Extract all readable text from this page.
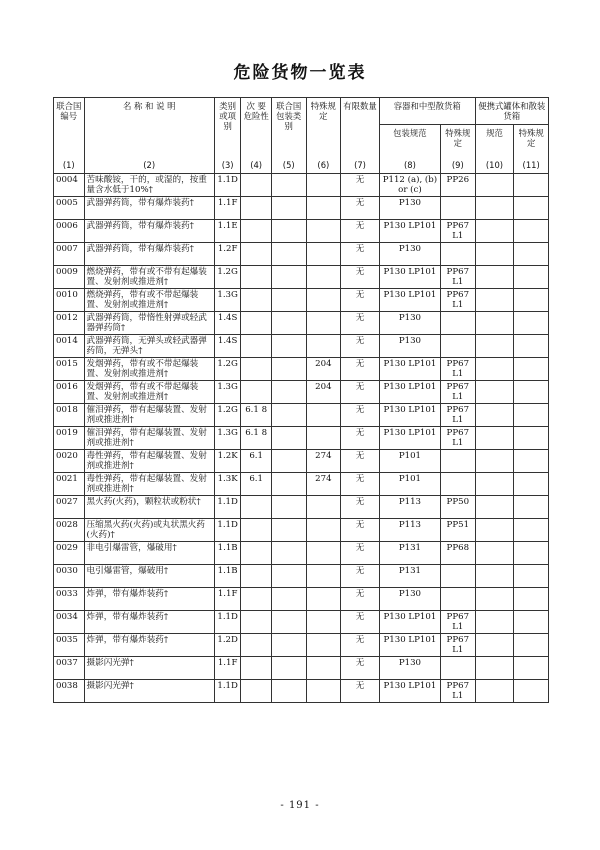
危险货物一览表
联合国编号	名 称 和 说 明	类别或项别	次 要危险性	联合国包装类别	特殊规定	有限数量	容器和中型散货箱		便携式罐体和散装货箱	
							包装规范	特殊规定	规范	特殊规定
(1)	(2)	(3)	(4)	(5)	(6)	(7)	(8)	(9)	(10)	(11)
0004	苦味酸铵，干的，或湿的，按重量含水低于10%†	1.1D				无	P112 (a), (b) or (c)	PP26		
0005	武器弹药筒，带有爆炸装药†	1.1F				无	P130			
0006	武器弹药筒，带有爆炸装药†	1.1E				无	P130 LP101	PP67 L1		
0007	武器弹药筒，带有爆炸装药†	1.2F				无	P130			
0009	燃烧弹药，带有或不带有起爆装置、发射剂或推进剂†	1.2G				无	P130 LP101	PP67 L1		
0010	燃烧弹药，带有或不带起爆装置、发射剂或推进剂†	1.3G				无	P130 LP101	PP67 L1		
0012	武器弹药筒，带惰性射弹或轻武器弹药筒†	1.4S				无	P130			
0014	武器弹药筒，无弹头或轻武器弹药筒，无弹头†	1.4S				无	P130			
0015	发烟弹药，带有或不带起爆装置、发射剂或推进剂†	1.2G			204	无	P130 LP101	PP67 L1		
0016	发烟弹药，带有或不带起爆装置、发射剂或推进剂†	1.3G			204	无	P130 LP101	PP67 L1		
0018	催泪弹药，带有起爆装置、发射剂或推进剂†	1.2G	6.1 8			无	P130 LP101	PP67 L1		
0019	催泪弹药，带有起爆装置、发射剂或推进剂†	1.3G	6.1 8			无	P130 LP101	PP67 L1		
0020	毒性弹药，带有起爆装置、发射剂或推进剂†	1.2K	6.1		274	无	P101			
0021	毒性弹药，带有起爆装置、发射剂或推进剂†	1.3K	6.1		274	无	P101			
0027	黑火药(火药)，颗粒状或粉状†	1.1D				无	P113	PP50		
0028	压缩黑火药(火药)或丸状黑火药(火药)†	1.1D				无	P113	PP51		
0029	非电引爆雷管，爆破用†	1.1B				无	P131	PP68		
0030	电引爆雷管，爆破用†	1.1B				无	P131			
0033	炸弹，带有爆炸装药†	1.1F				无	P130			
0034	炸弹，带有爆炸装药†	1.1D				无	P130 LP101	PP67 L1		
0035	炸弹，带有爆炸装药†	1.2D				无	P130 LP101	PP67 L1		
0037	摄影闪光弹†	1.1F				无	P130			
0038	摄影闪光弹†	1.1D				无	P130 LP101	PP67 L1		
- 191 -
